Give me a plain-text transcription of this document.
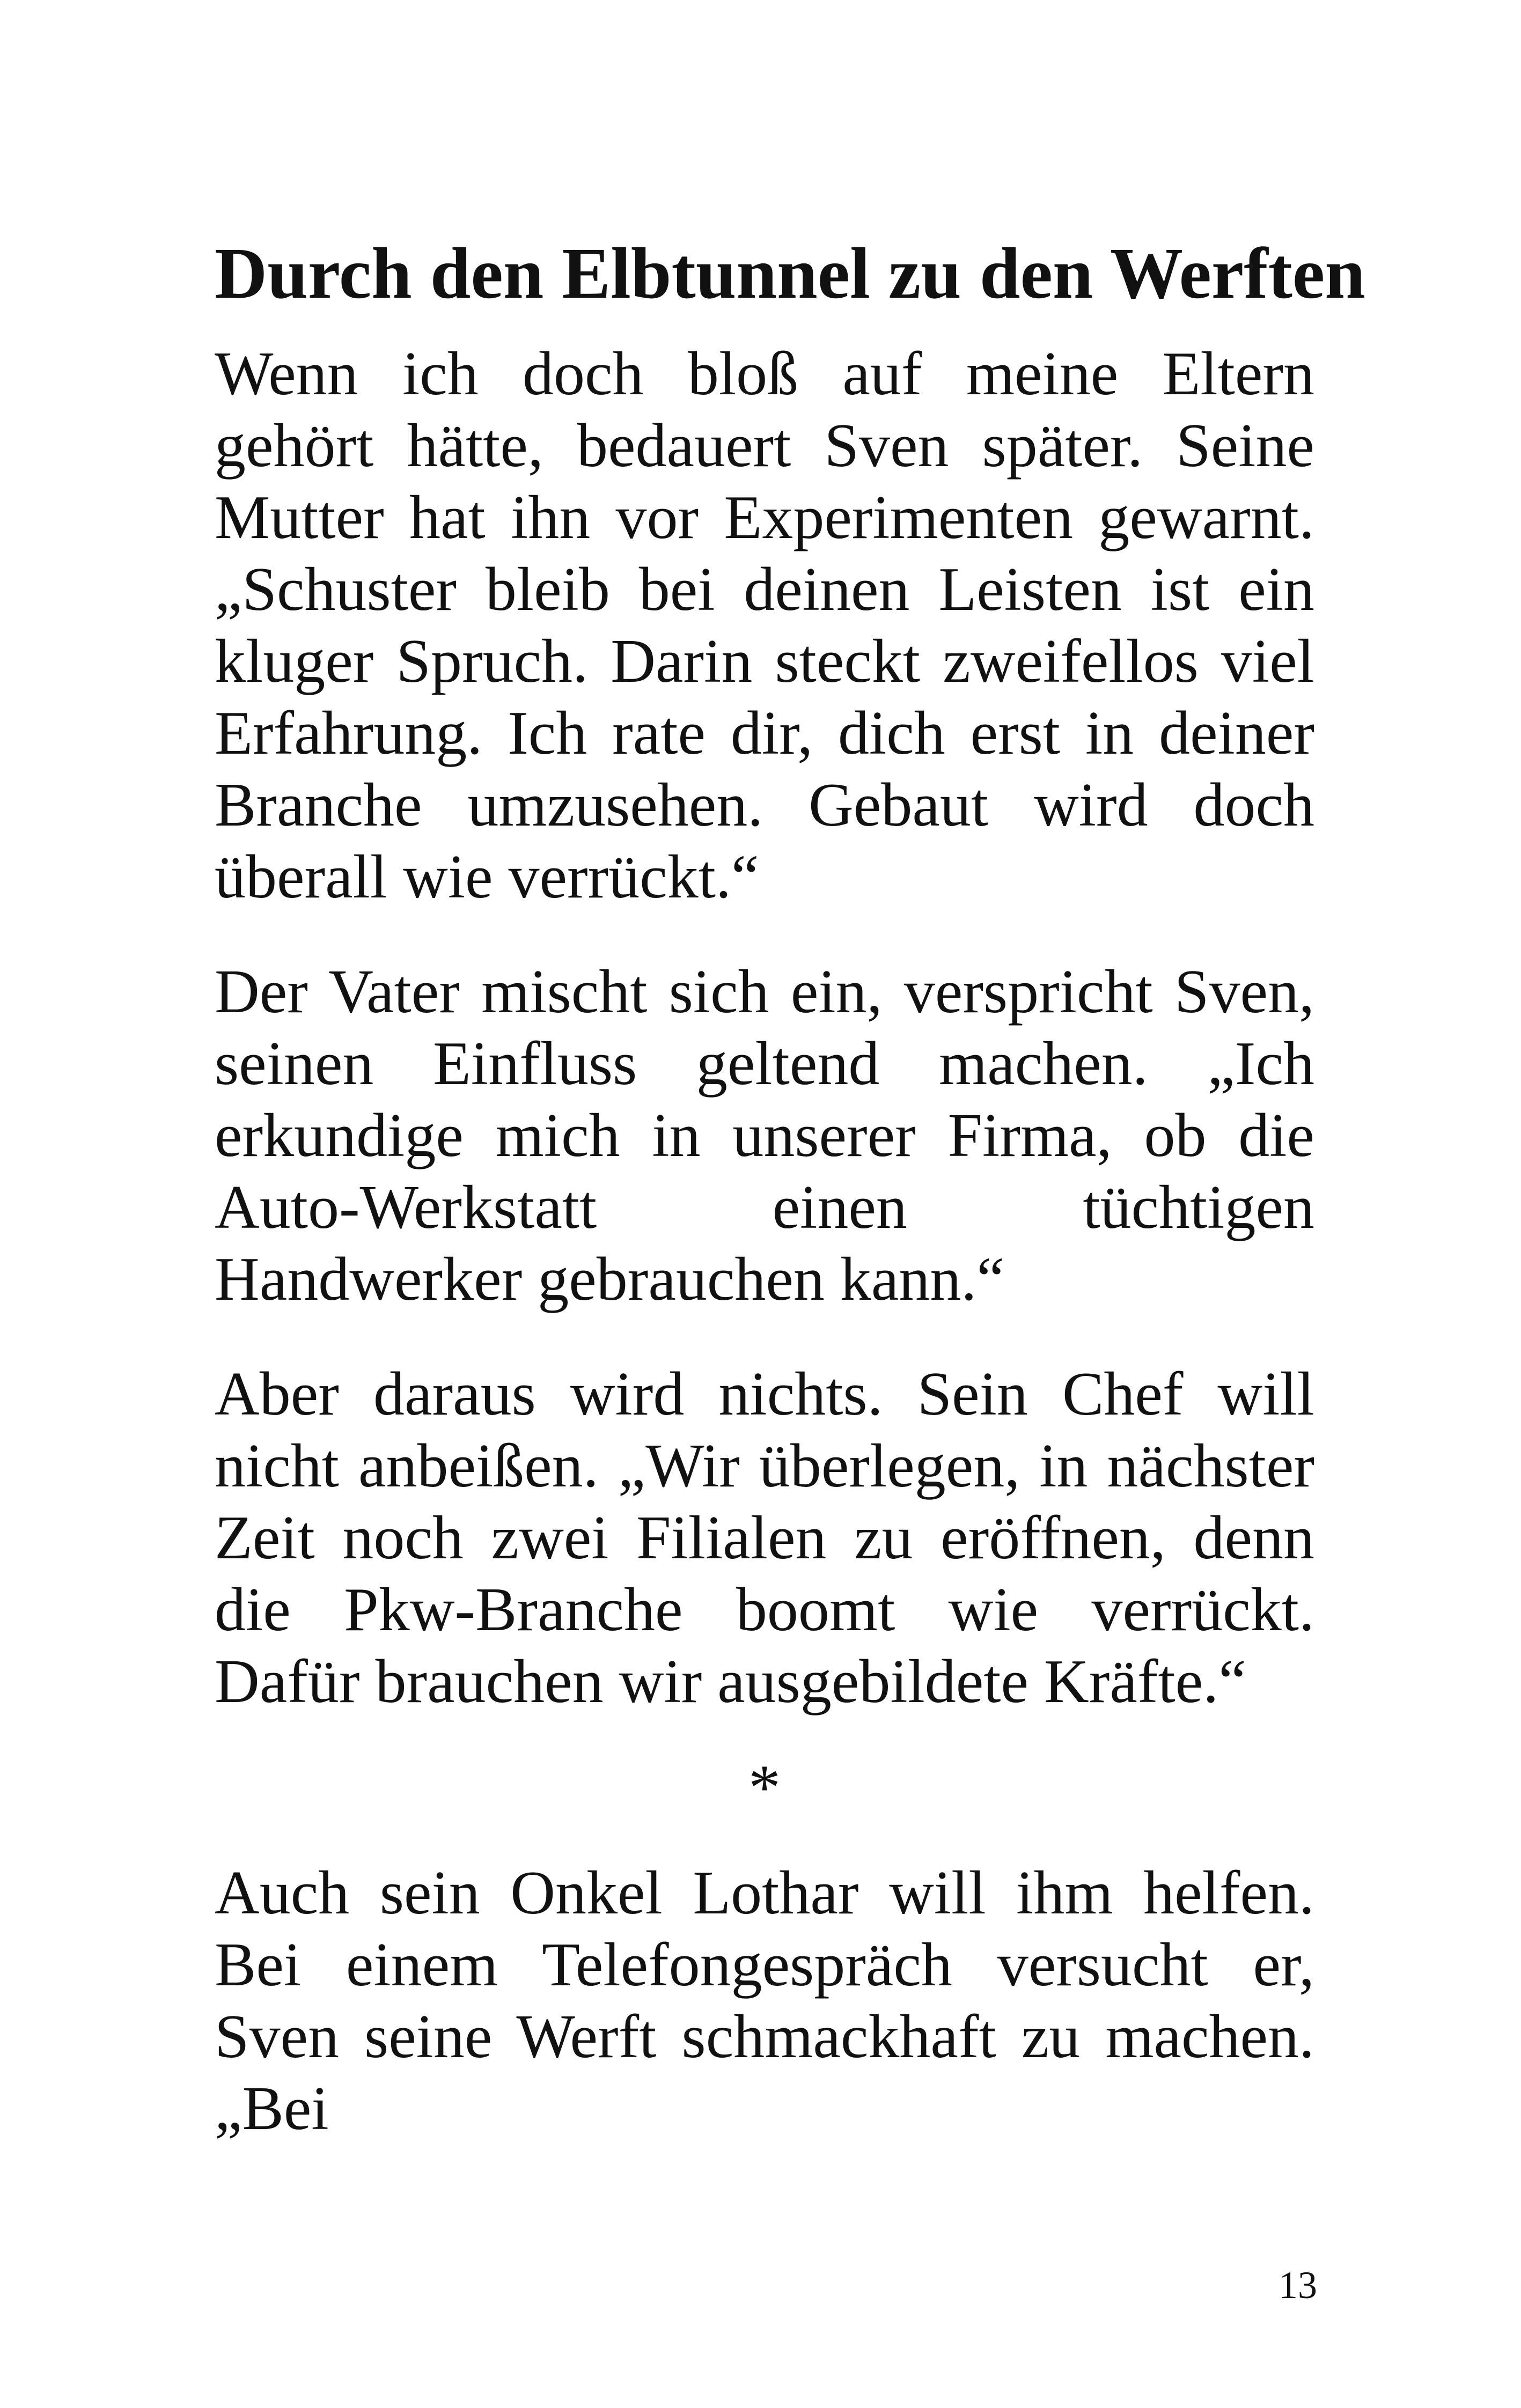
Durch den Elbtunnel zu den Werften

Wenn ich doch bloß auf meine Eltern gehört hätte, bedauert Sven später. Seine Mutter hat ihn vor Experimenten gewarnt. „Schuster bleib bei deinen Leisten ist ein kluger Spruch. Darin steckt zweifellos viel Erfahrung. Ich rate dir, dich erst in deiner Branche umzusehen. Gebaut wird doch überall wie verrückt.“

Der Vater mischt sich ein, verspricht Sven, seinen Einfluss geltend machen. „Ich erkundige mich in unserer Firma, ob die Auto-Werkstatt einen tüchtigen Handwerker gebrauchen kann.“

Aber daraus wird nichts. Sein Chef will nicht anbeißen. „Wir überlegen, in nächster Zeit noch zwei Filialen zu eröffnen, denn die Pkw-Branche boomt wie verrückt. Dafür brauchen wir ausgebildete Kräfte.“

*

Auch sein Onkel Lothar will ihm helfen. Bei einem Telefongespräch versucht er, Sven seine Werft schmackhaft zu machen. „Bei

13
